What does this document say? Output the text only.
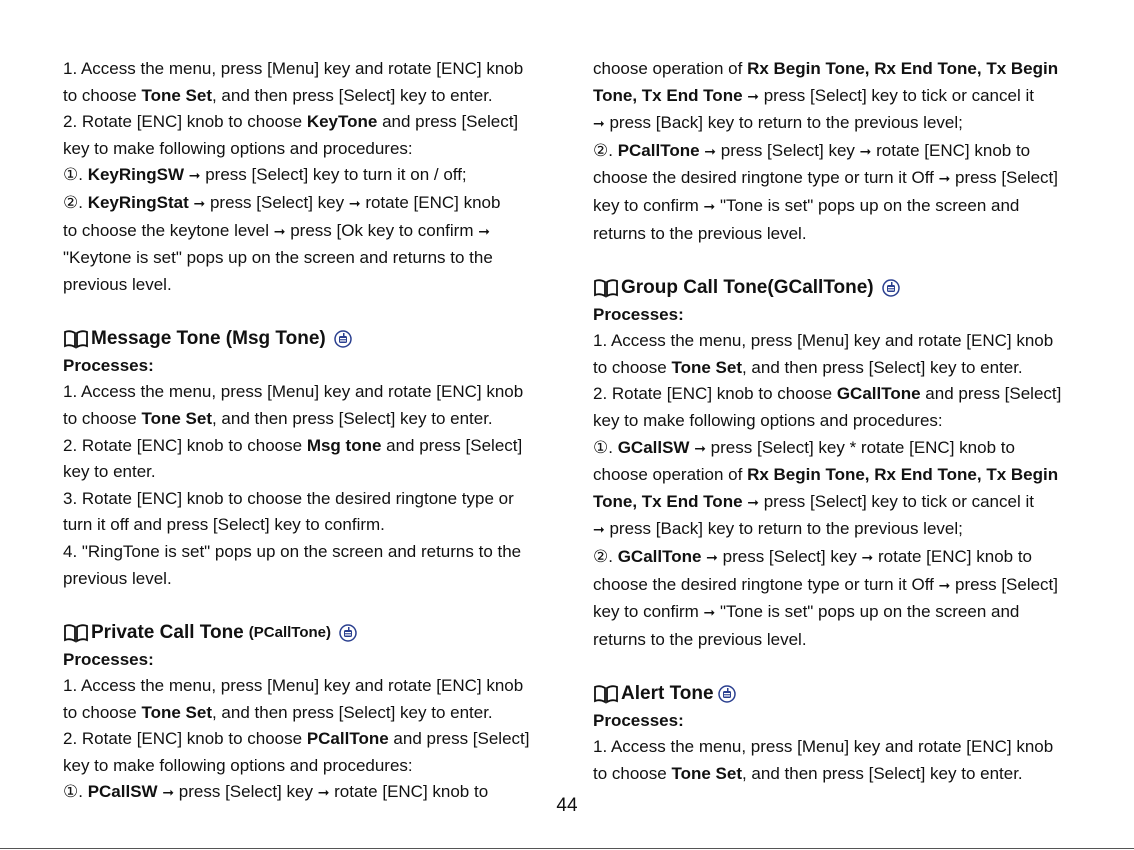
1. Access the menu, press [Menu] key and rotate [ENC] knob

to choose Tone Set, and then press [Select] key to enter.

2. Rotate [ENC] knob to choose KeyTone and press [Select]

key to make following options and procedures:

①. KeyRingSW ➞ press [Select] key to turn it on / off;

②. KeyRingStat ➞ press [Select] key ➞ rotate [ENC] knob

to choose the keytone level ➞ press [Ok key to confirm ➞

"Keytone is set" pops up on the screen and returns to the

previous level.

Message Tone (Msg Tone)

Processes:

1. Access the menu, press [Menu] key and rotate [ENC] knob

to choose Tone Set, and then press [Select] key to enter.

2. Rotate [ENC] knob to choose Msg tone and press [Select]

key to enter.

3. Rotate [ENC] knob to choose the desired ringtone type or

turn it off and press [Select] key to confirm.

4. "RingTone is set" pops up on the screen and returns to the

previous level.

Private Call Tone (PCallTone)

Processes:

1. Access the menu, press [Menu] key and rotate [ENC] knob

to choose Tone Set, and then press [Select] key to enter.

2. Rotate [ENC] knob to choose PCallTone and press [Select]

key to make following options and procedures:

①. PCallSW ➞ press [Select] key ➞ rotate [ENC] knob to

choose operation of Rx Begin Tone, Rx End Tone, Tx Begin

Tone, Tx End Tone ➞ press [Select] key to tick or cancel it

➞ press [Back] key to return to the previous level;

②. PCallTone ➞ press [Select] key ➞ rotate [ENC] knob to

choose the desired ringtone type or turn it Off ➞ press [Select]

key to confirm ➞ "Tone is set" pops up on the screen and

returns to the previous level.

Group Call Tone(GCallTone)

Processes:

1. Access the menu, press [Menu] key and rotate [ENC] knob

to choose Tone Set, and then press [Select] key to enter.

2. Rotate [ENC] knob to choose GCallTone and press [Select]

key to make following options and procedures:

①. GCallSW ➞ press [Select] key * rotate [ENC] knob to

choose operation of Rx Begin Tone, Rx End Tone, Tx Begin

Tone, Tx End Tone ➞ press [Select] key to tick or cancel it

➞ press [Back] key to return to the previous level;

②. GCallTone ➞ press [Select] key ➞ rotate [ENC] knob to

choose the desired ringtone type or turn it Off ➞ press [Select]

key to confirm ➞ "Tone is set" pops up on the screen and

returns to the previous level.

Alert Tone

Processes:

1. Access the menu, press [Menu] key and rotate [ENC] knob

to choose Tone Set, and then press [Select] key to enter.

44
